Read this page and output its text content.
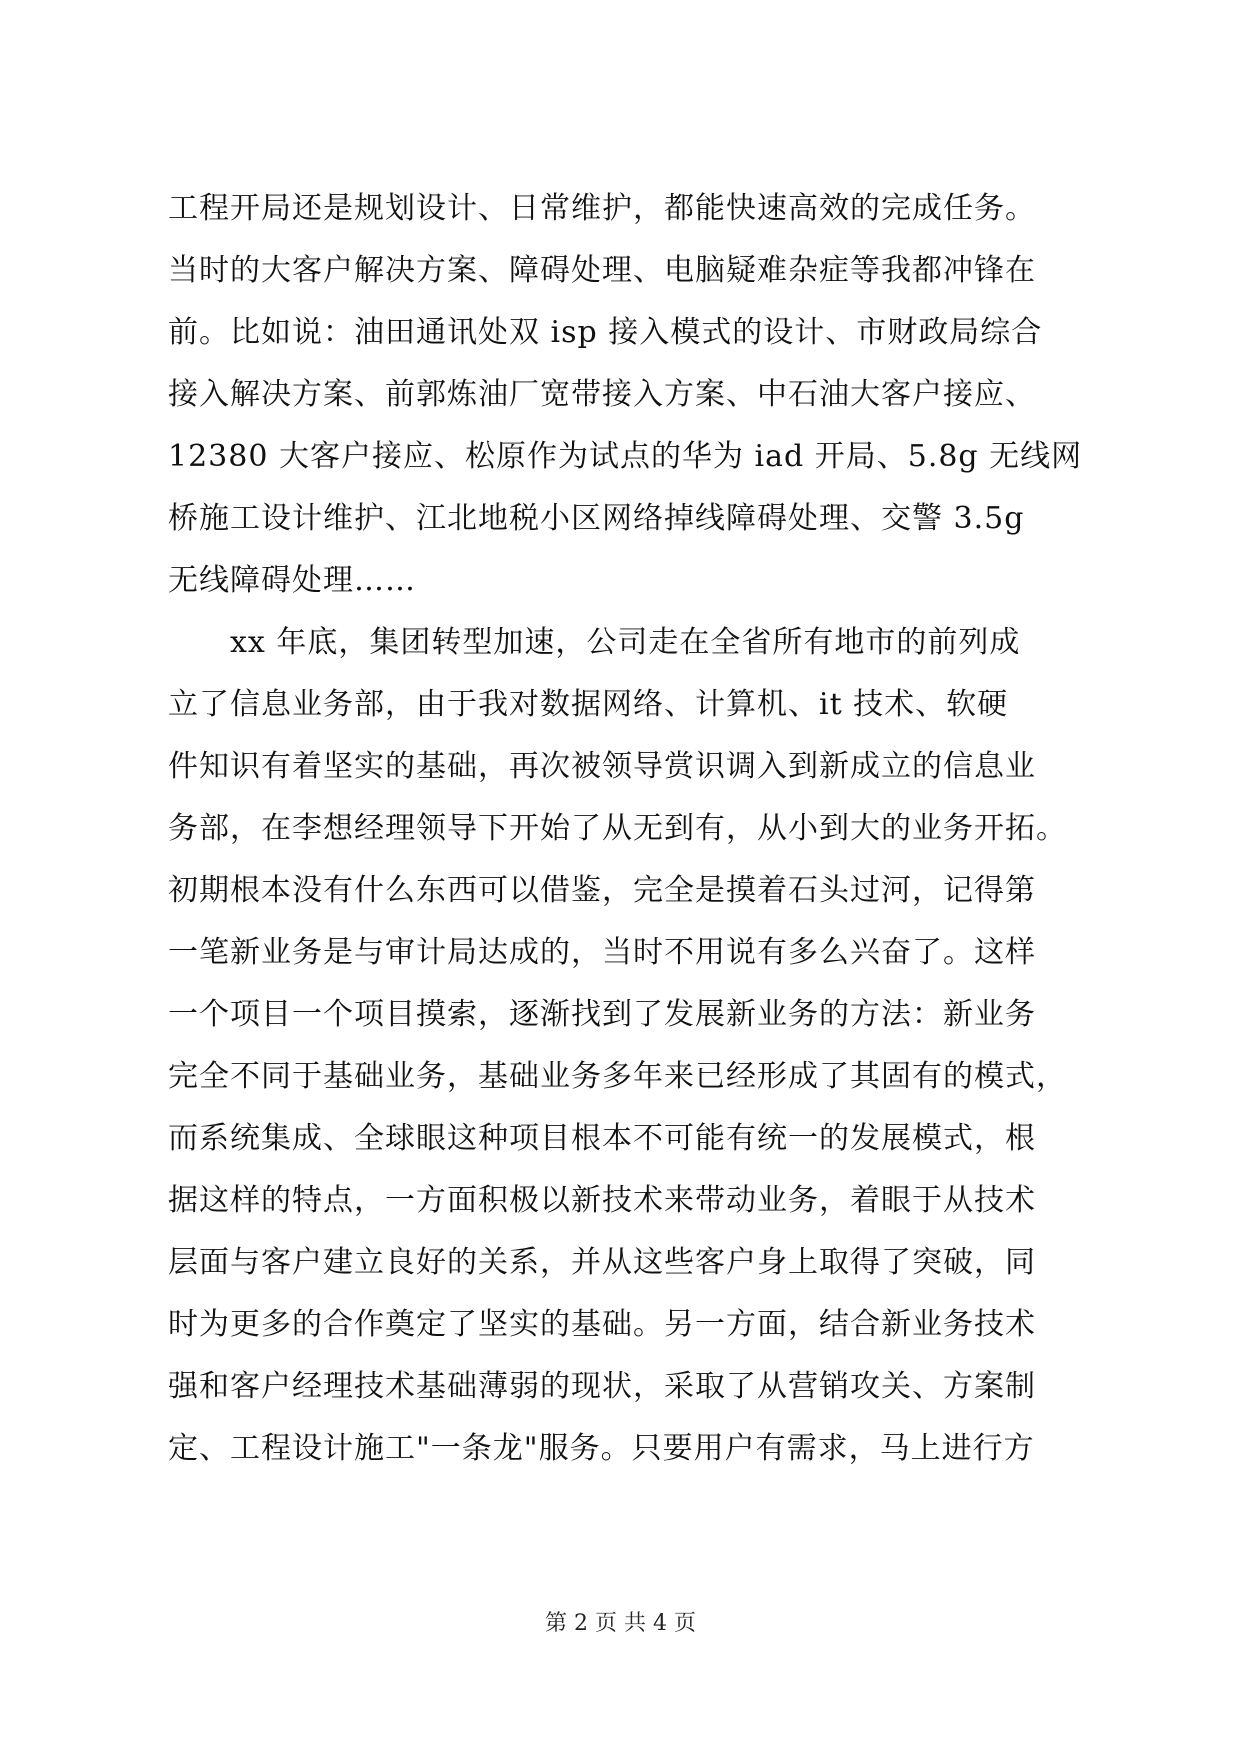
工程开局还是规划设计、日常维护，都能快速高效的完成任务。
当时的大客户解决方案、障碍处理、电脑疑难杂症等我都冲锋在
前。比如说：油田通讯处双 isp 接入模式的设计、市财政局综合
接入解决方案、前郭炼油厂宽带接入方案、中石油大客户接应、
12380 大客户接应、松原作为试点的华为 iad 开局、5.8g 无线网
桥施工设计维护、江北地税小区网络掉线障碍处理、交警 3.5g
无线障碍处理……
　　xx 年底，集团转型加速，公司走在全省所有地市的前列成
立了信息业务部，由于我对数据网络、计算机、it 技术、软硬
件知识有着坚实的基础，再次被领导赏识调入到新成立的信息业
务部，在李想经理领导下开始了从无到有，从小到大的业务开拓。
初期根本没有什么东西可以借鉴，完全是摸着石头过河，记得第
一笔新业务是与审计局达成的，当时不用说有多么兴奋了。这样
一个项目一个项目摸索，逐渐找到了发展新业务的方法：新业务
完全不同于基础业务，基础业务多年来已经形成了其固有的模式，
而系统集成、全球眼这种项目根本不可能有统一的发展模式，根
据这样的特点，一方面积极以新技术来带动业务，着眼于从技术
层面与客户建立良好的关系，并从这些客户身上取得了突破，同
时为更多的合作奠定了坚实的基础。另一方面，结合新业务技术
强和客户经理技术基础薄弱的现状，采取了从营销攻关、方案制
定、工程设计施工"一条龙"服务。只要用户有需求，马上进行方
第 2 页 共 4 页
